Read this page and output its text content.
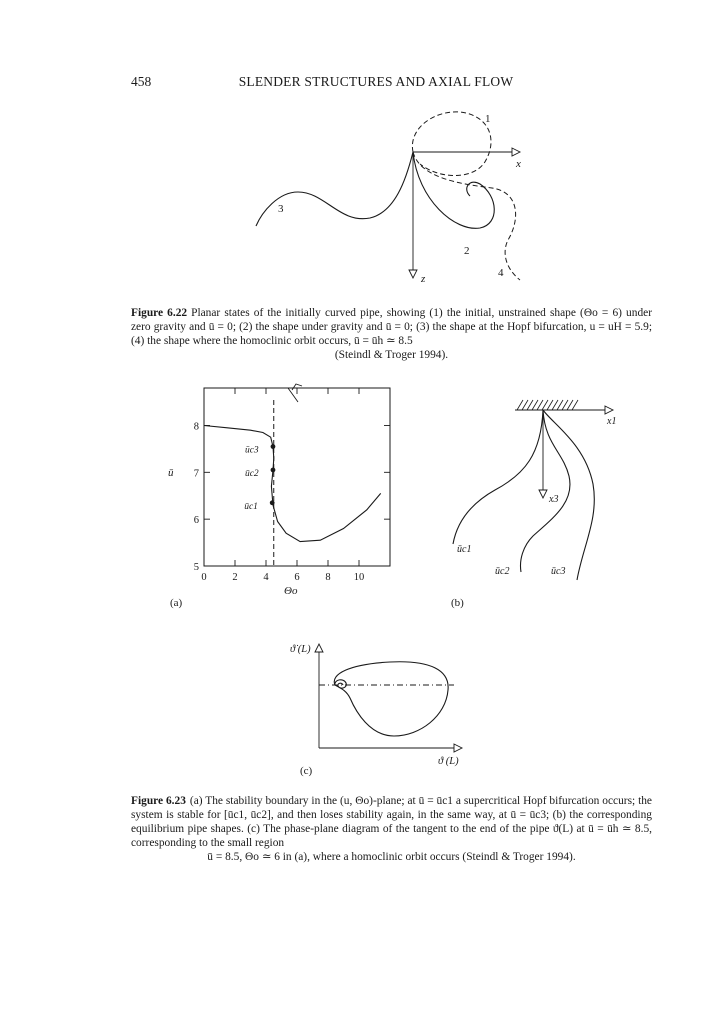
458	SLENDER STRUCTURES AND AXIAL FLOW
x
z
1
2
3
4
Figure 6.22 Planar states of the initially curved pipe, showing (1) the initial, unstrained shape (Θo = 6) under zero gravity and ū = 0; (2) the shape under gravity and ū = 0; (3) the shape at the Hopf bifurcation, u = uH = 5.9; (4) the shape where the homoclinic orbit occurs, ū = ūh ≃ 8.5
(Steindl & Troger 1994).
0 2 4 6 8 10
5
6
7
8
ūc3
ūc2
ūc1
ū
Θo
(a)
x1
x3
ūc1
ūc2	ūc3
(b)
ϑ̇ (L)
ϑ (L)
(c)
Figure 6.23 (a) The stability boundary in the (u, Θo)-plane; at ū = ūc1 a supercritical Hopf bifurcation occurs; the system is stable for [ūc1, ūc2], and then loses stability again, in the same way, at ū = ūc3; (b) the corresponding equilibrium pipe shapes. (c) The phase-plane diagram of the tangent to the end of the pipe ϑ(L) at ū = ūh ≃ 8.5, corresponding to the small region
ū = 8.5, Θo ≃ 6 in (a), where a homoclinic orbit occurs (Steindl & Troger 1994).
